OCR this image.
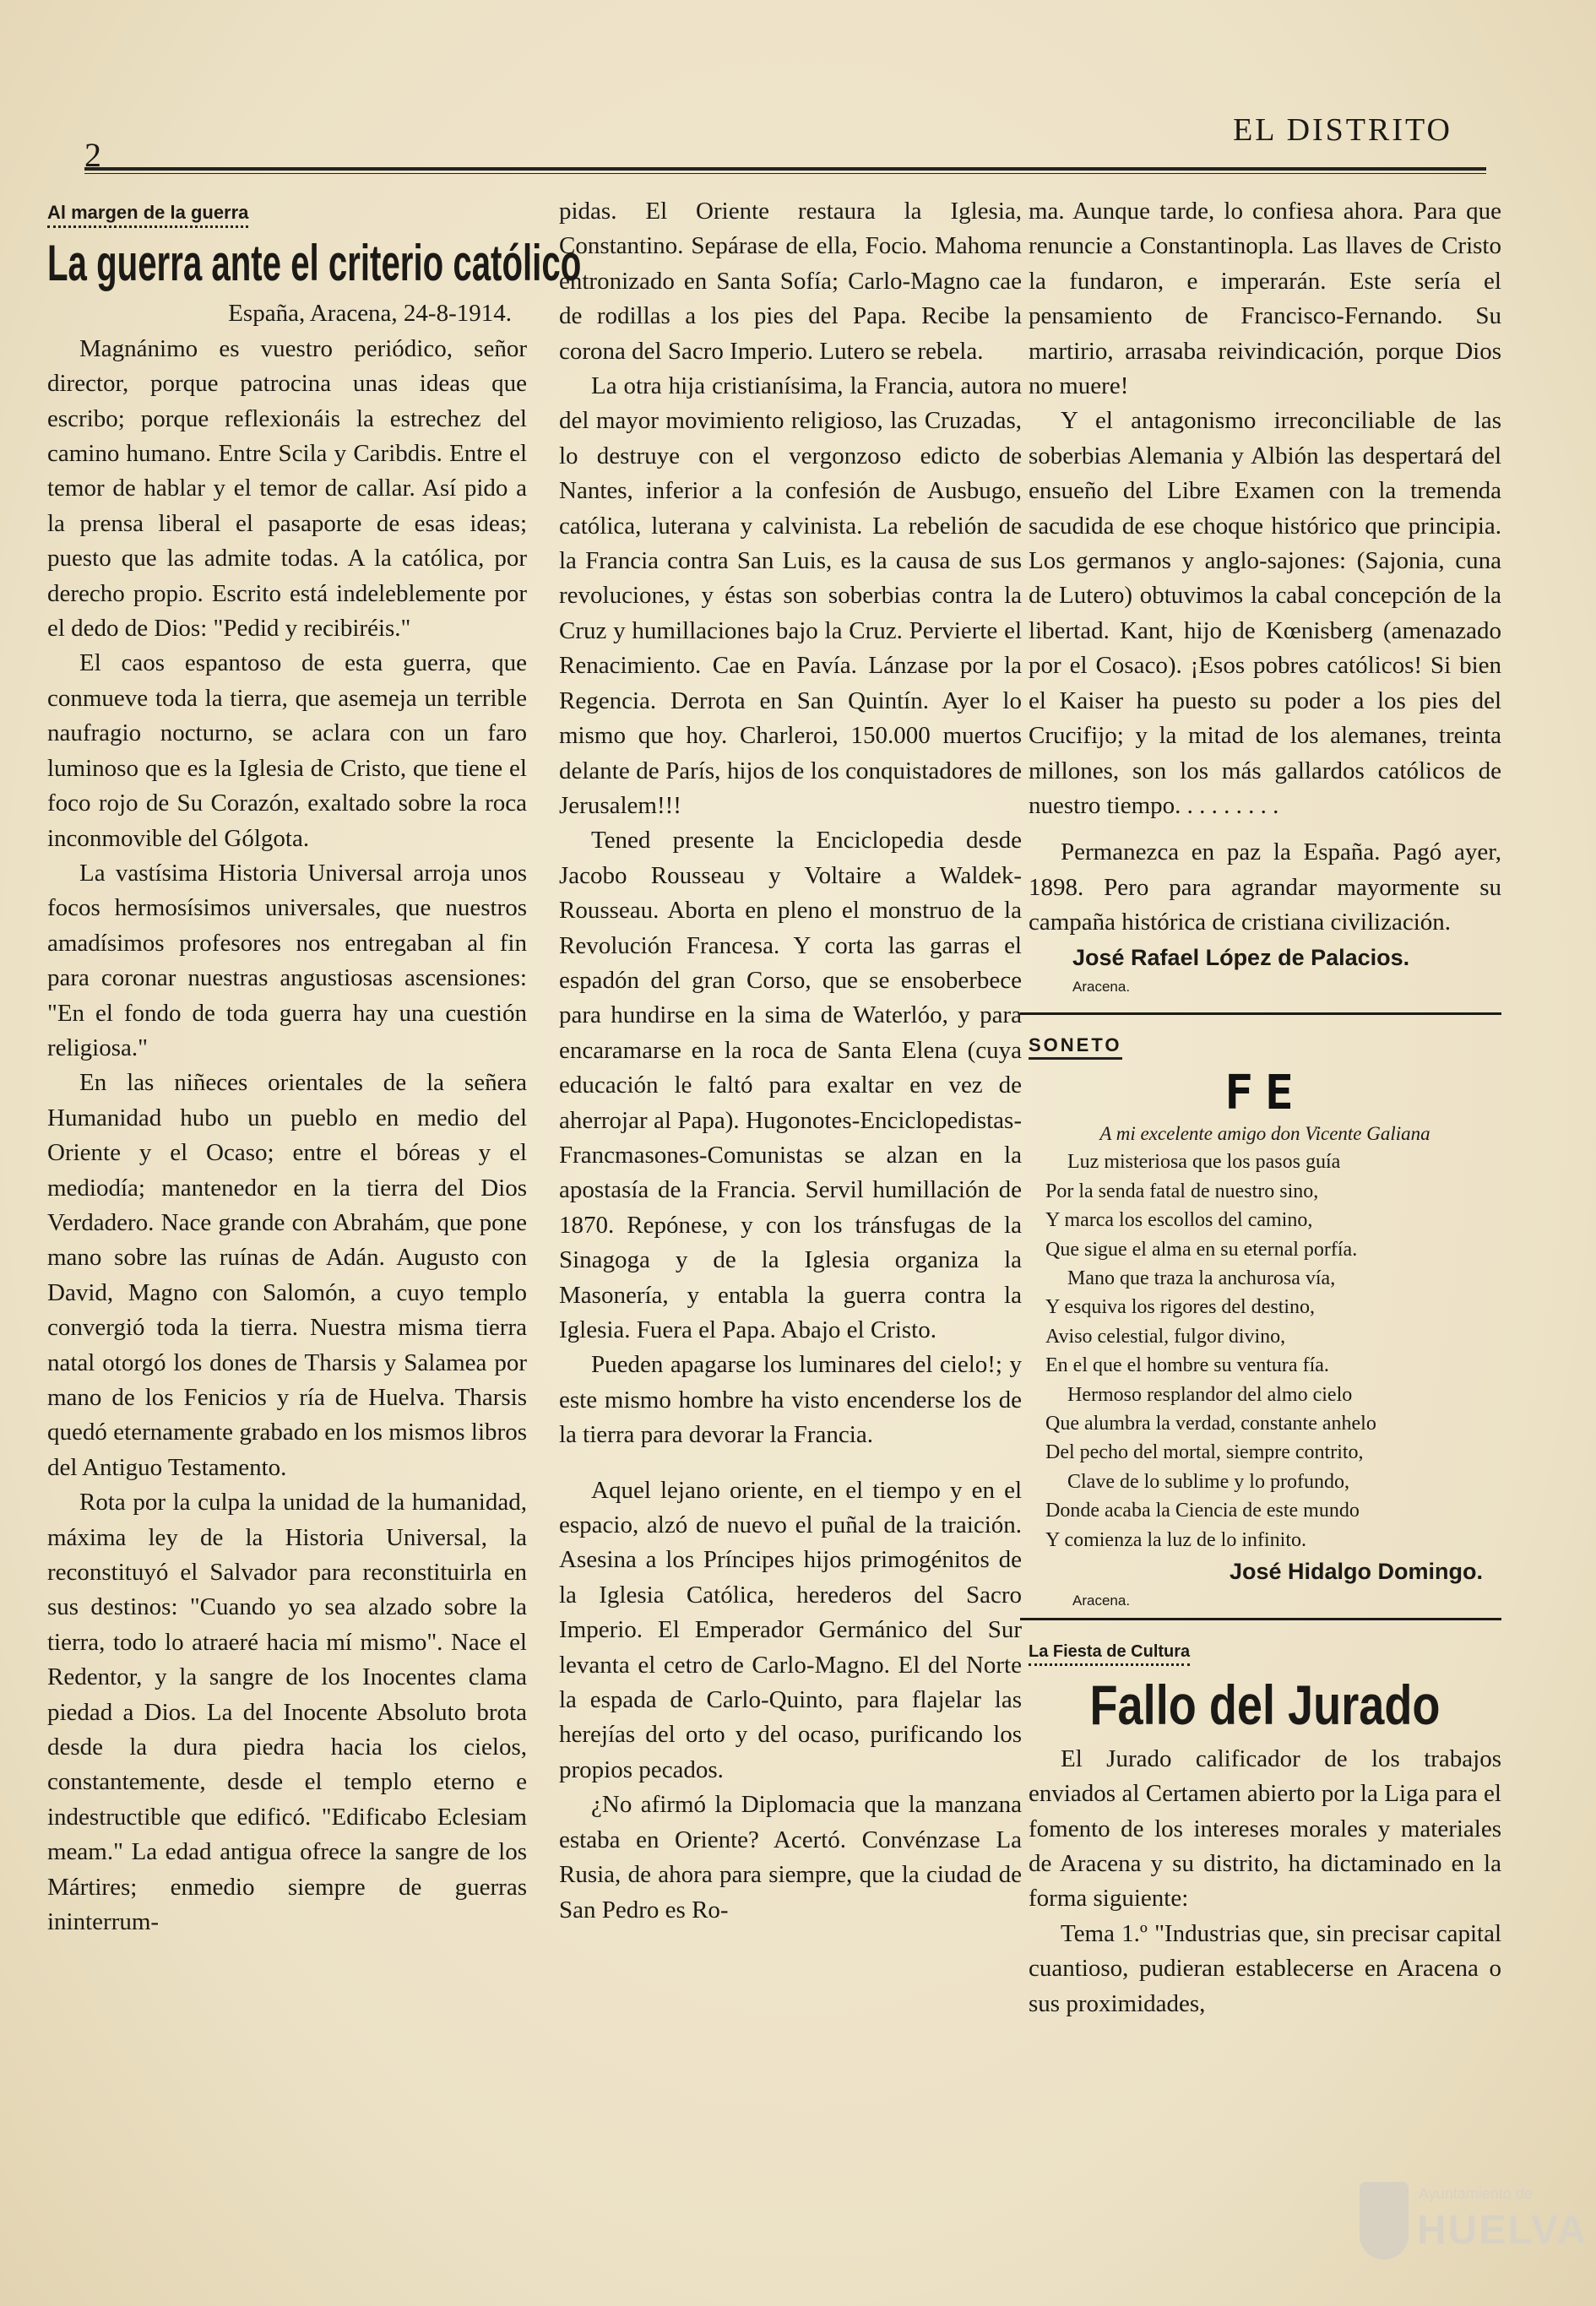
2
EL DISTRITO
Al margen de la guerra
La guerra ante el criterio católico
España, Aracena, 24-8-1914.

Magnánimo es vuestro periódico, señor director, porque patrocina unas ideas que escribo; porque reflexionáis la estrechez del camino humano. Entre Scila y Caribdis. Entre el temor de hablar y el temor de callar. Así pido a la prensa liberal el pasaporte de esas ideas; puesto que las admite todas. A la católica, por derecho propio. Escrito está indeleblemente por el dedo de Dios: "Pedid y recibiréis."

El caos espantoso de esta guerra, que conmueve toda la tierra, que asemeja un terrible naufragio nocturno, se aclara con un faro luminoso que es la Iglesia de Cristo, que tiene el foco rojo de Su Corazón, exaltado sobre la roca inconmovible del Gólgota.

La vastísima Historia Universal arroja unos focos hermosísimos universales, que nuestros amadísimos profesores nos entregaban al fin para coronar nuestras angustiosas ascensiones: "En el fondo de toda guerra hay una cuestión religiosa."

En las niñeces orientales de la señera Humanidad hubo un pueblo en medio del Oriente y el Ocaso; entre el bóreas y el mediodía; mantenedor en la tierra del Dios Verdadero. Nace grande con Abrahám, que pone mano sobre las ruínas de Adán. Augusto con David, Magno con Salomón, a cuyo templo convergió toda la tierra. Nuestra misma tierra natal otorgó los dones de Tharsis y Salamea por mano de los Fenicios y ría de Huelva. Tharsis quedó eternamente grabado en los mismos libros del Antiguo Testamento.

Rota por la culpa la unidad de la humanidad, máxima ley de la Historia Universal, la reconstituyó el Salvador para reconstituirla en sus destinos: "Cuando yo sea alzado sobre la tierra, todo lo atraeré hacia mí mismo". Nace el Redentor, y la sangre de los Inocentes clama piedad a Dios. La del Inocente Absoluto brota desde la dura piedra hacia los cielos, constantemente, desde el templo eterno e indestructible que edificó. "Edificabo Eclesiam meam." La edad antigua ofrece la sangre de los Mártires; enmedio siempre de guerras ininterrum-

pidas. El Oriente restaura la Iglesia, Constantino. Sepárase de ella, Focio. Mahoma entronizado en Santa Sofía; Carlo-Magno cae de rodillas a los pies del Papa. Recibe la corona del Sacro Imperio. Lutero se rebela.

La otra hija cristianísima, la Francia, autora del mayor movimiento religioso, las Cruzadas, lo destruye con el vergonzoso edicto de Nantes, inferior a la confesión de Ausbugo, católica, luterana y calvinista. La rebelión de la Francia contra San Luis, es la causa de sus revoluciones, y éstas son soberbias contra la Cruz y humillaciones bajo la Cruz. Pervierte el Renacimiento. Cae en Pavía. Lánzase por la Regencia. Derrota en San Quintín. Ayer lo mismo que hoy. Charleroi, 150.000 muertos delante de París, hijos de los conquistadores de Jerusalem!!!

Tened presente la Enciclopedia desde Jacobo Rousseau y Voltaire a Waldek-Rousseau. Aborta en pleno el monstruo de la Revolución Francesa. Y corta las garras el espadón del gran Corso, que se ensoberbece para hundirse en la sima de Waterlóo, y para encaramarse en la roca de Santa Elena (cuya educación le faltó para exaltar en vez de aherrojar al Papa). Hugonotes-Enciclopedistas-Francmasones-Comunistas se alzan en la apostasía de la Francia. Servil humillación de 1870. Repónese, y con los tránsfugas de la Sinagoga y de la Iglesia organiza la Masonería, y entabla la guerra contra la Iglesia. Fuera el Papa. Abajo el Cristo.

Pueden apagarse los luminares del cielo!; y este mismo hombre ha visto encenderse los de la tierra para devorar la Francia.

Aquel lejano oriente, en el tiempo y en el espacio, alzó de nuevo el puñal de la traición. Asesina a los Príncipes hijos primogénitos de la Iglesia Católica, herederos del Sacro Imperio. El Emperador Germánico del Sur levanta el cetro de Carlo-Magno. El del Norte la espada de Carlo-Quinto, para flajelar las herejías del orto y del ocaso, purificando los propios pecados.

¿No afirmó la Diplomacia que la manzana estaba en Oriente? Acertó. Convénzase La Rusia, de ahora para siempre, que la ciudad de San Pedro es Ro-

ma. Aunque tarde, lo confiesa ahora. Para que renuncie a Constantinopla. Las llaves de Cristo la fundaron, e imperarán. Este sería el pensamiento de Francisco-Fernando. Su martirio, arrasaba reivindicación, porque Dios no muere!

Y el antagonismo irreconciliable de las soberbias Alemania y Albión las despertará del ensueño del Libre Examen con la tremenda sacudida de ese choque histórico que principia. Los germanos y anglo-sajones: (Sajonia, cuna de Lutero) obtuvimos la cabal concepción de la libertad. Kant, hijo de Kœnisberg (amenazado por el Cosaco). ¡Esos pobres católicos! Si bien el Kaiser ha puesto su poder a los pies del Crucifijo; y la mitad de los alemanes, treinta millones, son los más gallardos católicos de nuestro tiempo. . . . . . . . .

Permanezca en paz la España. Pagó ayer, 1898. Pero para agrandar mayormente su campaña histórica de cristiana civilización.

José Rafael López de Palacios.
Aracena.
SONETO
FE
A mi excelente amigo don Vicente Galiana
Luz misteriosa que los pasos guía
Por la senda fatal de nuestro sino,
Y marca los escollos del camino,
Que sigue el alma en su eternal porfía.
Mano que traza la anchurosa vía,
Y esquiva los rigores del destino,
Aviso celestial, fulgor divino,
En el que el hombre su ventura fía.
Hermoso resplandor del almo cielo
Que alumbra la verdad, constante anhelo
Del pecho del mortal, siempre contrito,
Clave de lo sublime y lo profundo,
Donde acaba la Ciencia de este mundo
Y comienza la luz de lo infinito.
José Hidalgo Domingo.
Aracena.
La Fiesta de Cultura
Fallo del Jurado

El Jurado calificador de los trabajos enviados al Certamen abierto por la Liga para el fomento de los intereses morales y materiales de Aracena y su distrito, ha dictaminado en la forma siguiente:

Tema 1.º "Industrias que, sin precisar capital cuantioso, pudieran establecerse en Aracena o sus proximidades,

Ayuntamiento de
HUELVA
